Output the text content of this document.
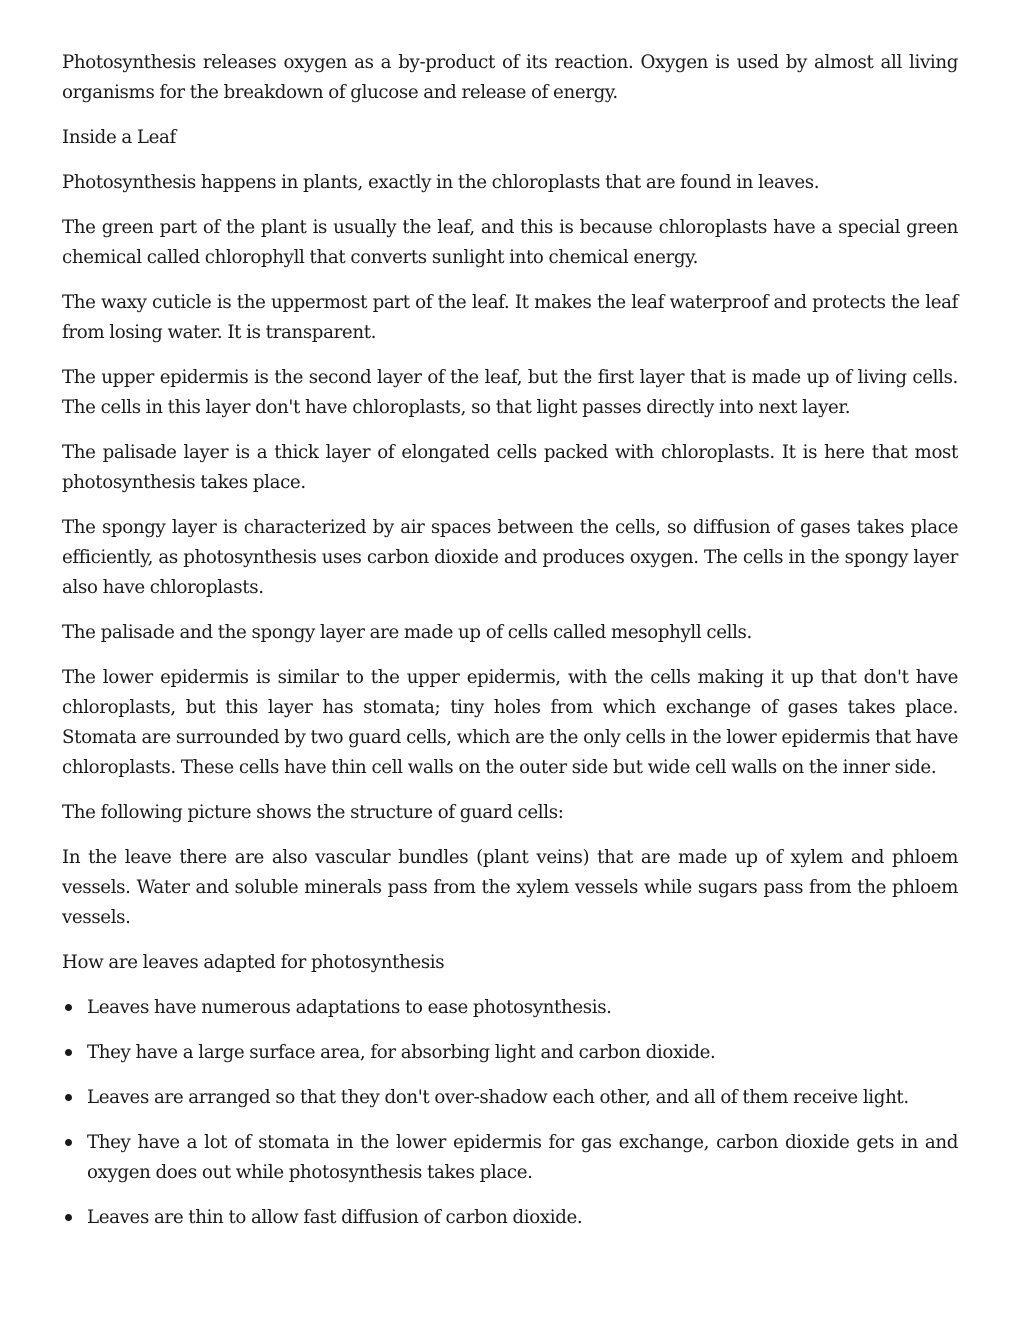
Photosynthesis releases oxygen as a by-product of its reaction. Oxygen is used by almost all living organisms for the breakdown of glucose and release of energy.

Inside a Leaf

Photosynthesis happens in plants, exactly in the chloroplasts that are found in leaves.

The green part of the plant is usually the leaf, and this is because chloroplasts have a special green chemical called chlorophyll that converts sunlight into chemical energy.

The waxy cuticle is the uppermost part of the leaf. It makes the leaf waterproof and protects the leaf from losing water. It is transparent.

The upper epidermis is the second layer of the leaf, but the first layer that is made up of living cells. The cells in this layer don't have chloroplasts, so that light passes directly into next layer.

The palisade layer is a thick layer of elongated cells packed with chloroplasts. It is here that most photosynthesis takes place.

The spongy layer is characterized by air spaces between the cells, so diffusion of gases takes place efficiently, as photosynthesis uses carbon dioxide and produces oxygen. The cells in the spongy layer also have chloroplasts.

The palisade and the spongy layer are made up of cells called mesophyll cells.

The lower epidermis is similar to the upper epidermis, with the cells making it up that don't have chloroplasts, but this layer has stomata; tiny holes from which exchange of gases takes place. Stomata are surrounded by two guard cells, which are the only cells in the lower epidermis that have chloroplasts. These cells have thin cell walls on the outer side but wide cell walls on the inner side.

The following picture shows the structure of guard cells:

In the leave there are also vascular bundles (plant veins) that are made up of xylem and phloem vessels. Water and soluble minerals pass from the xylem vessels while sugars pass from the phloem vessels.

How are leaves adapted for photosynthesis

Leaves have numerous adaptations to ease photosynthesis.
They have a large surface area, for absorbing light and carbon dioxide.
Leaves are arranged so that they don't over-shadow each other, and all of them receive light.
They have a lot of stomata in the lower epidermis for gas exchange, carbon dioxide gets in and oxygen does out while photosynthesis takes place.
Leaves are thin to allow fast diffusion of carbon dioxide.
